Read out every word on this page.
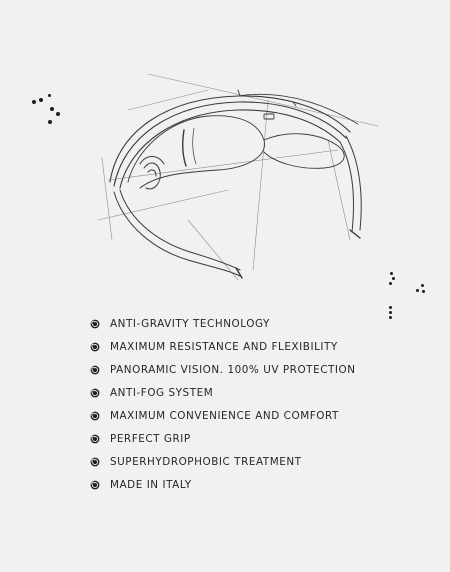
ANTI-GRAVITY TECHNOLOGY
MAXIMUM RESISTANCE AND FLEXIBILITY
PANORAMIC VISION. 100% UV PROTECTION
ANTI-FOG SYSTEM
MAXIMUM CONVENIENCE AND COMFORT
PERFECT GRIP
SUPERHYDROPHOBIC TREATMENT
MADE IN ITALY
